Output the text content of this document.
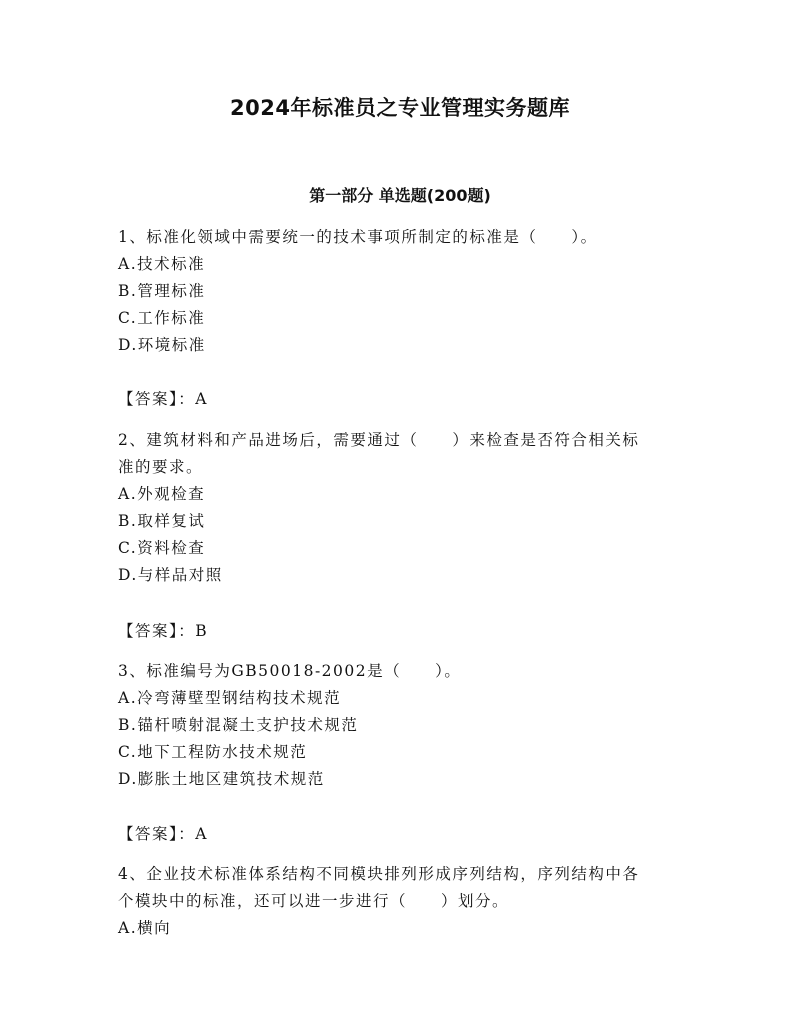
2024年标准员之专业管理实务题库
第一部分 单选题(200题)
1、标准化领域中需要统一的技术事项所制定的标准是（　　）。
A.技术标准
B.管理标准
C.工作标准
D.环境标准
【答案】：A
2、建筑材料和产品进场后，需要通过（　　）来检查是否符合相关标
准的要求。
A.外观检查
B.取样复试
C.资料检查
D.与样品对照
【答案】：B
3、标准编号为GB50018-2002是（　　）。
A.冷弯薄壁型钢结构技术规范
B.锚杆喷射混凝土支护技术规范
C.地下工程防水技术规范
D.膨胀土地区建筑技术规范
【答案】：A
4、企业技术标准体系结构不同模块排列形成序列结构，序列结构中各
个模块中的标准，还可以进一步进行（　　）划分。
A.横向
